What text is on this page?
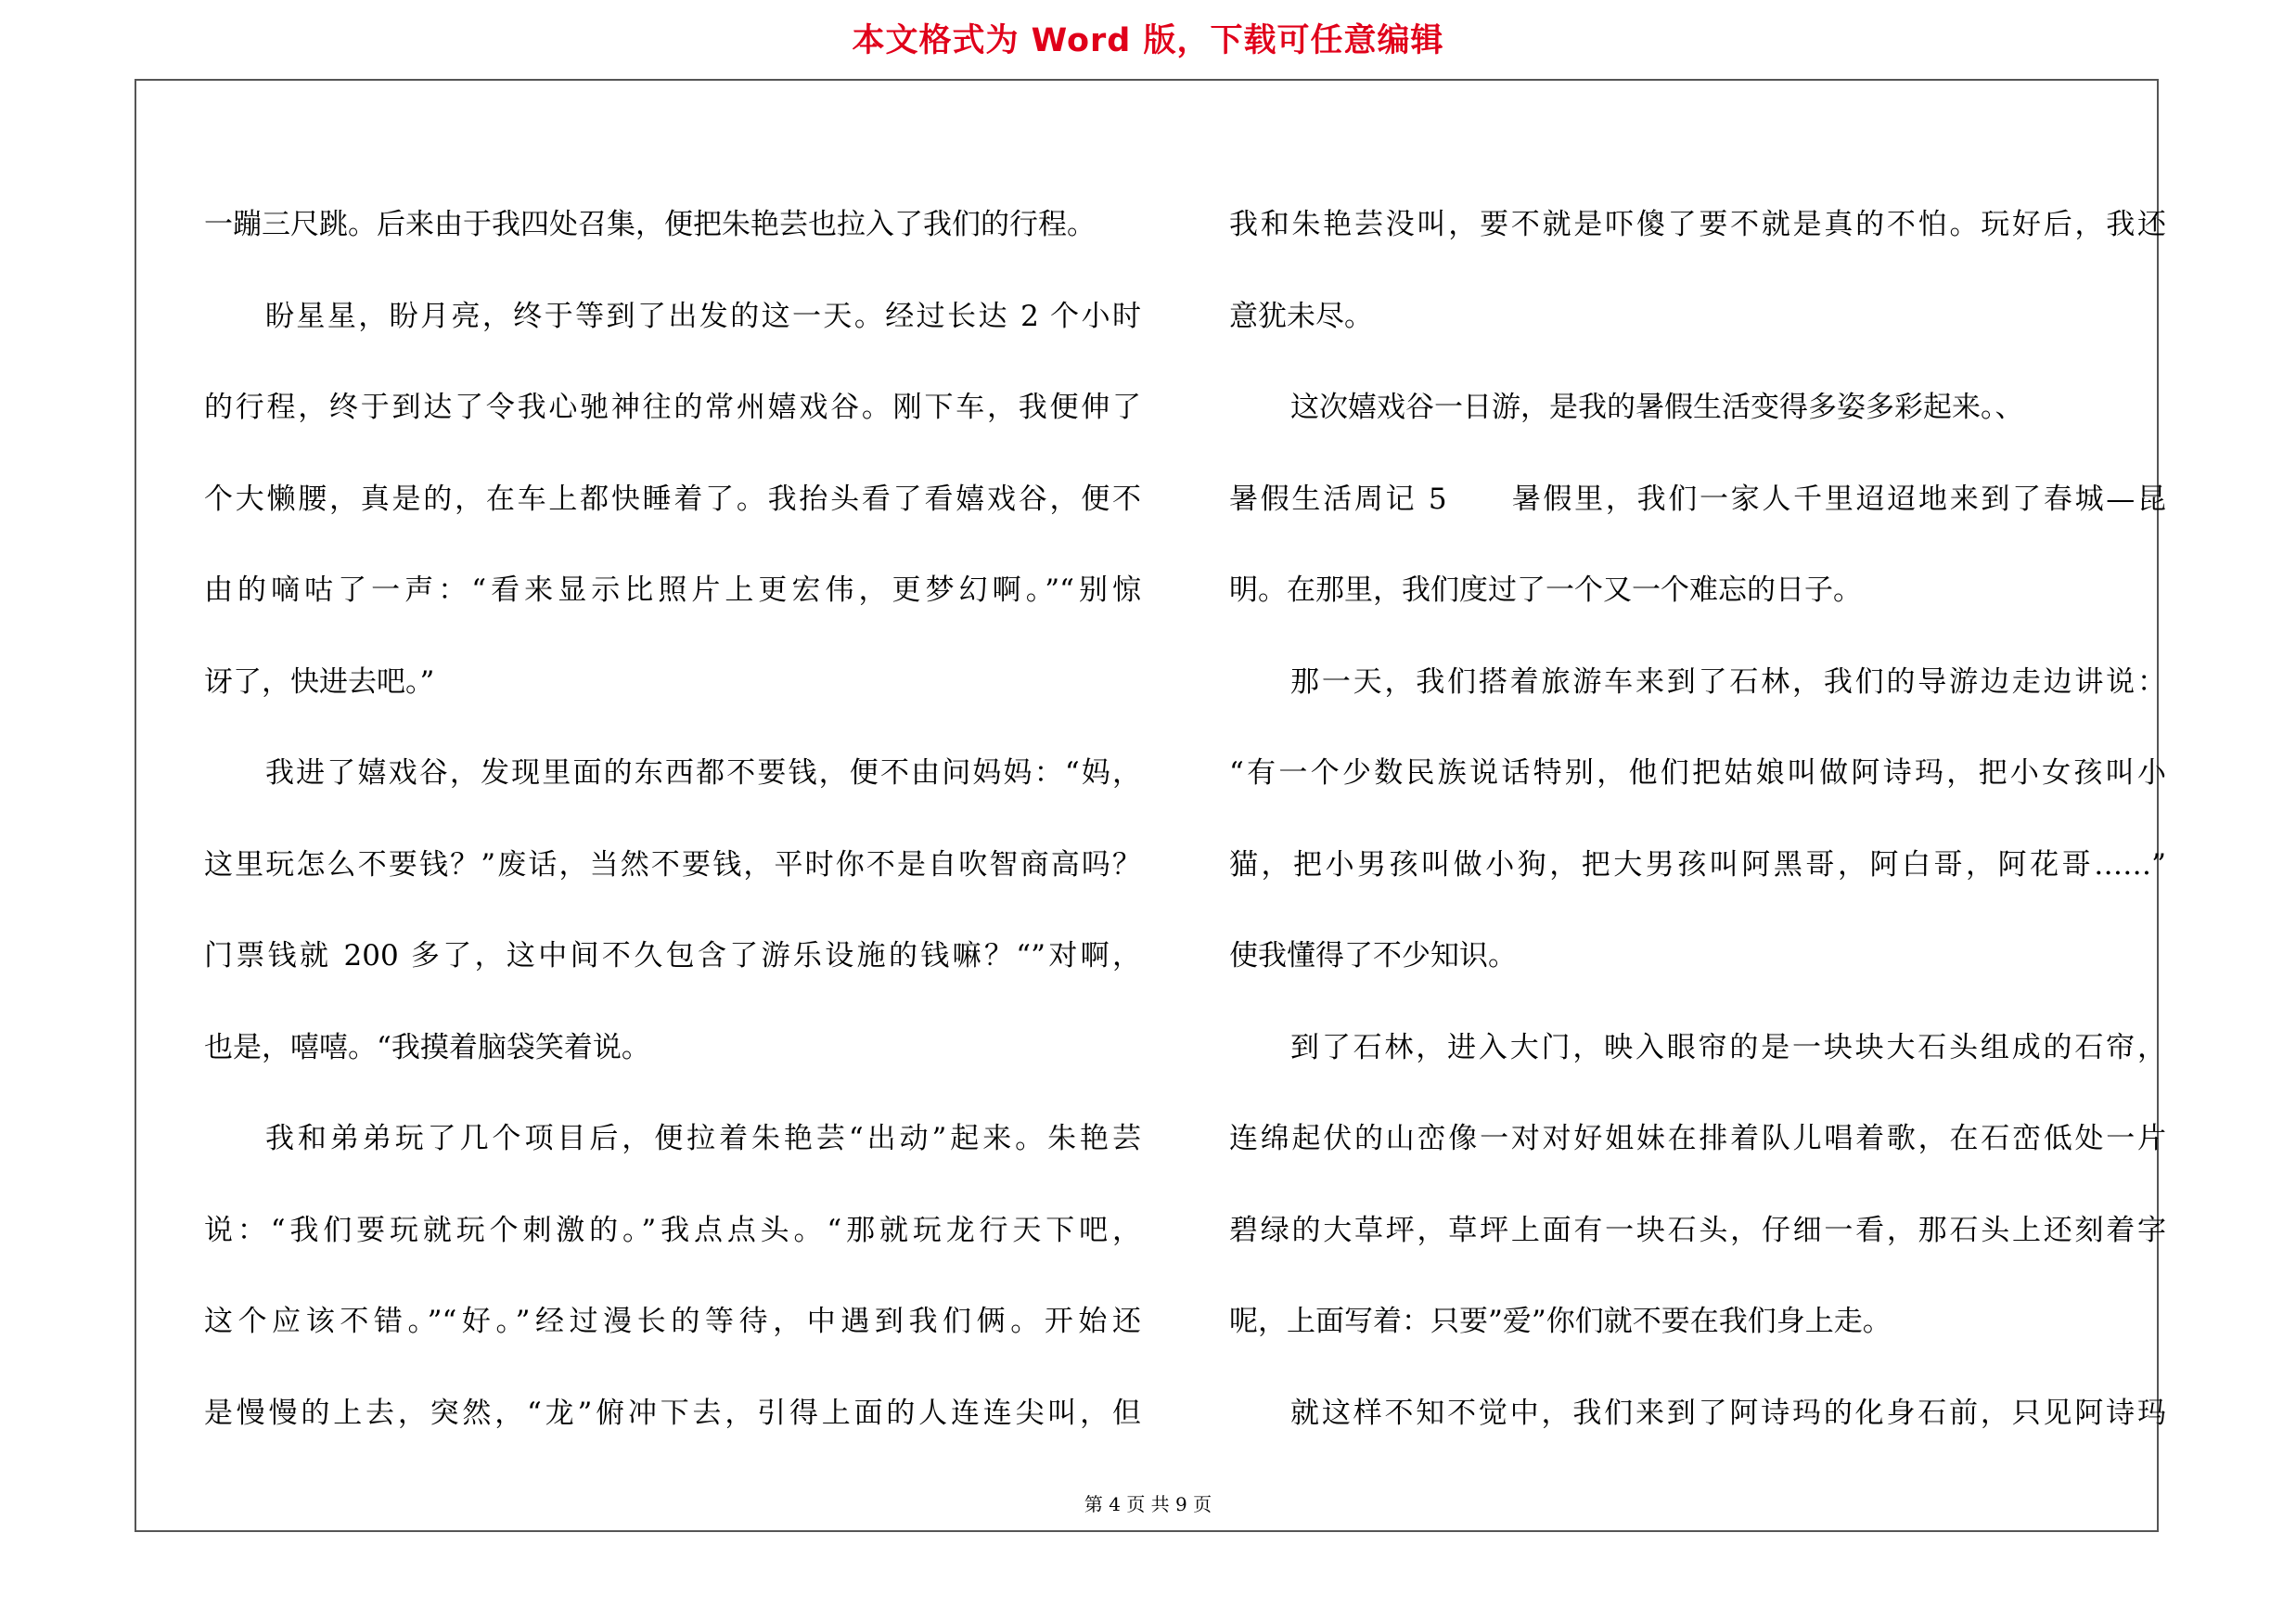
本文格式为 Word 版，下载可任意编辑
一蹦三尺跳。后来由于我四处召集，便把朱艳芸也拉入了我们的行程。
盼星星，盼月亮，终于等到了出发的这一天。经过长达 2 个小时
的行程，终于到达了令我心驰神往的常州嬉戏谷。刚下车，我便伸了
个大懒腰，真是的，在车上都快睡着了。我抬头看了看嬉戏谷，便不
由的嘀咕了一声：“看来显示比照片上更宏伟，更梦幻啊。”“别惊
讶了，快进去吧。”
我进了嬉戏谷，发现里面的东西都不要钱，便不由问妈妈：“妈，
这里玩怎么不要钱？”废话，当然不要钱，平时你不是自吹智商高吗？
门票钱就 200 多了，这中间不久包含了游乐设施的钱嘛？“”对啊，
也是，嘻嘻。“我摸着脑袋笑着说。
我和弟弟玩了几个项目后，便拉着朱艳芸“出动”起来。朱艳芸
说：“我们要玩就玩个刺激的。”我点点头。“那就玩龙行天下吧，
这个应该不错。”“好。”经过漫长的等待，中遇到我们俩。开始还
是慢慢的上去，突然，“龙”俯冲下去，引得上面的人连连尖叫，但
我和朱艳芸没叫，要不就是吓傻了要不就是真的不怕。玩好后，我还
意犹未尽。
这次嬉戏谷一日游，是我的暑假生活变得多姿多彩起来。、
暑假生活周记 5　　暑假里，我们一家人千里迢迢地来到了春城—昆
明。在那里，我们度过了一个又一个难忘的日子。
那一天，我们搭着旅游车来到了石林，我们的导游边走边讲说：
“有一个少数民族说话特别，他们把姑娘叫做阿诗玛，把小女孩叫小
猫，把小男孩叫做小狗，把大男孩叫阿黑哥，阿白哥，阿花哥……”
使我懂得了不少知识。
到了石林，进入大门，映入眼帘的是一块块大石头组成的石帘，
连绵起伏的山峦像一对对好姐妹在排着队儿唱着歌，在石峦低处一片
碧绿的大草坪，草坪上面有一块石头，仔细一看，那石头上还刻着字
呢，上面写着：只要”爱”你们就不要在我们身上走。
就这样不知不觉中，我们来到了阿诗玛的化身石前，只见阿诗玛
第 4 页 共 9 页
